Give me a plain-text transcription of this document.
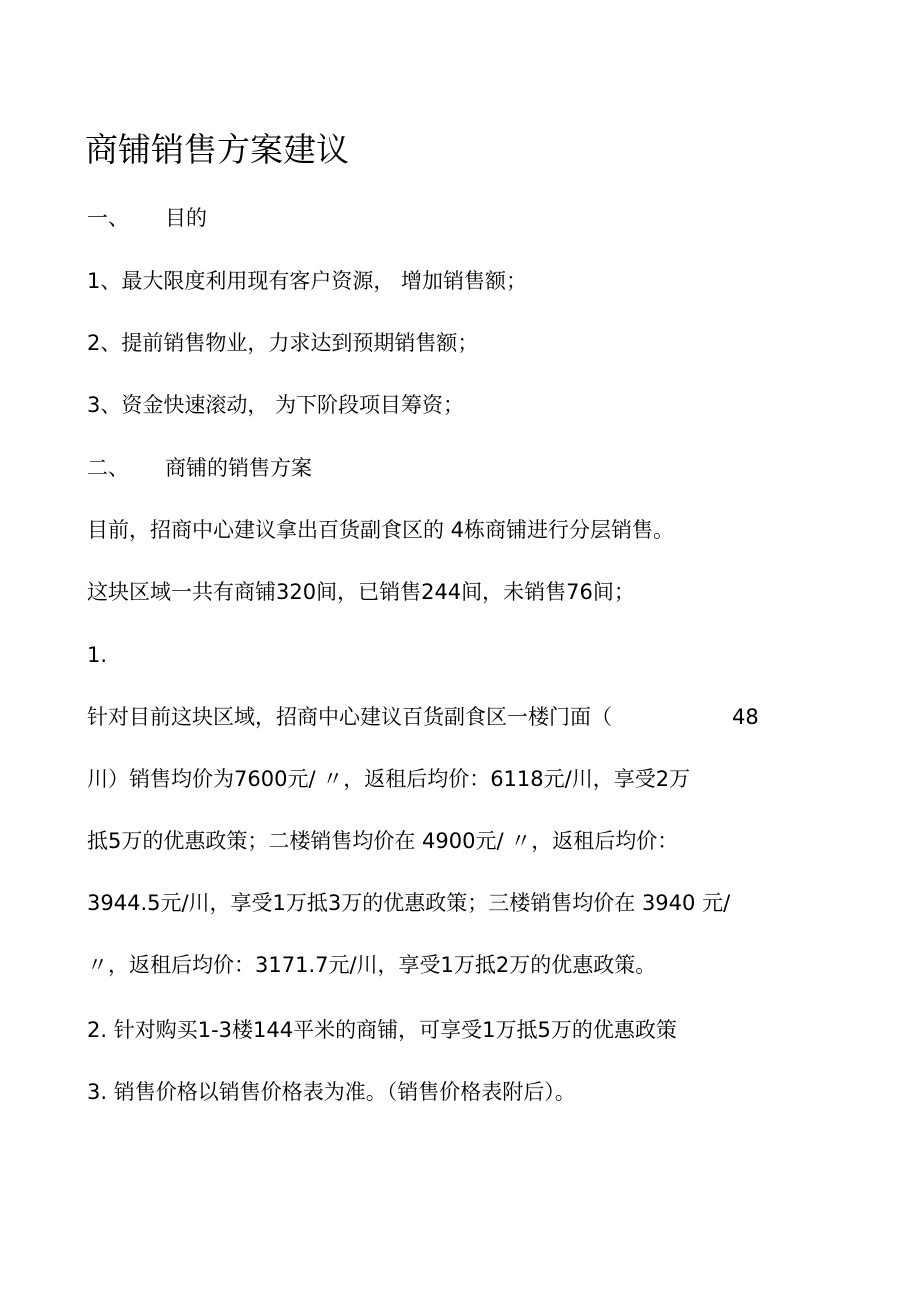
商铺销售方案建议
一、 目的
1、最大限度利用现有客户资源， 增加销售额；
2、提前销售物业，力求达到预期销售额；
3、资金快速滚动， 为下阶段项目筹资；
二、 商铺的销售方案
目前，招商中心建议拿出百货副食区的 4栋商铺进行分层销售。
这块区域一共有商铺320间，已销售244间，未销售76间；
1.
针对目前这块区域，招商中心建议百货副食区一楼门面（	48
川）销售均价为7600元/ 〃，返租后均价：6118元/川，享受2万
抵5万的优惠政策；二楼销售均价在 4900元/ 〃，返租后均价：
3944.5元/川，享受1万抵3万的优惠政策；三楼销售均价在 3940 元/
〃，返租后均价：3171.7元/川，享受1万抵2万的优惠政策。
2. 针对购买1-3楼144平米的商铺，可享受1万抵5万的优惠政策
3. 销售价格以销售价格表为准。（销售价格表附后）。
